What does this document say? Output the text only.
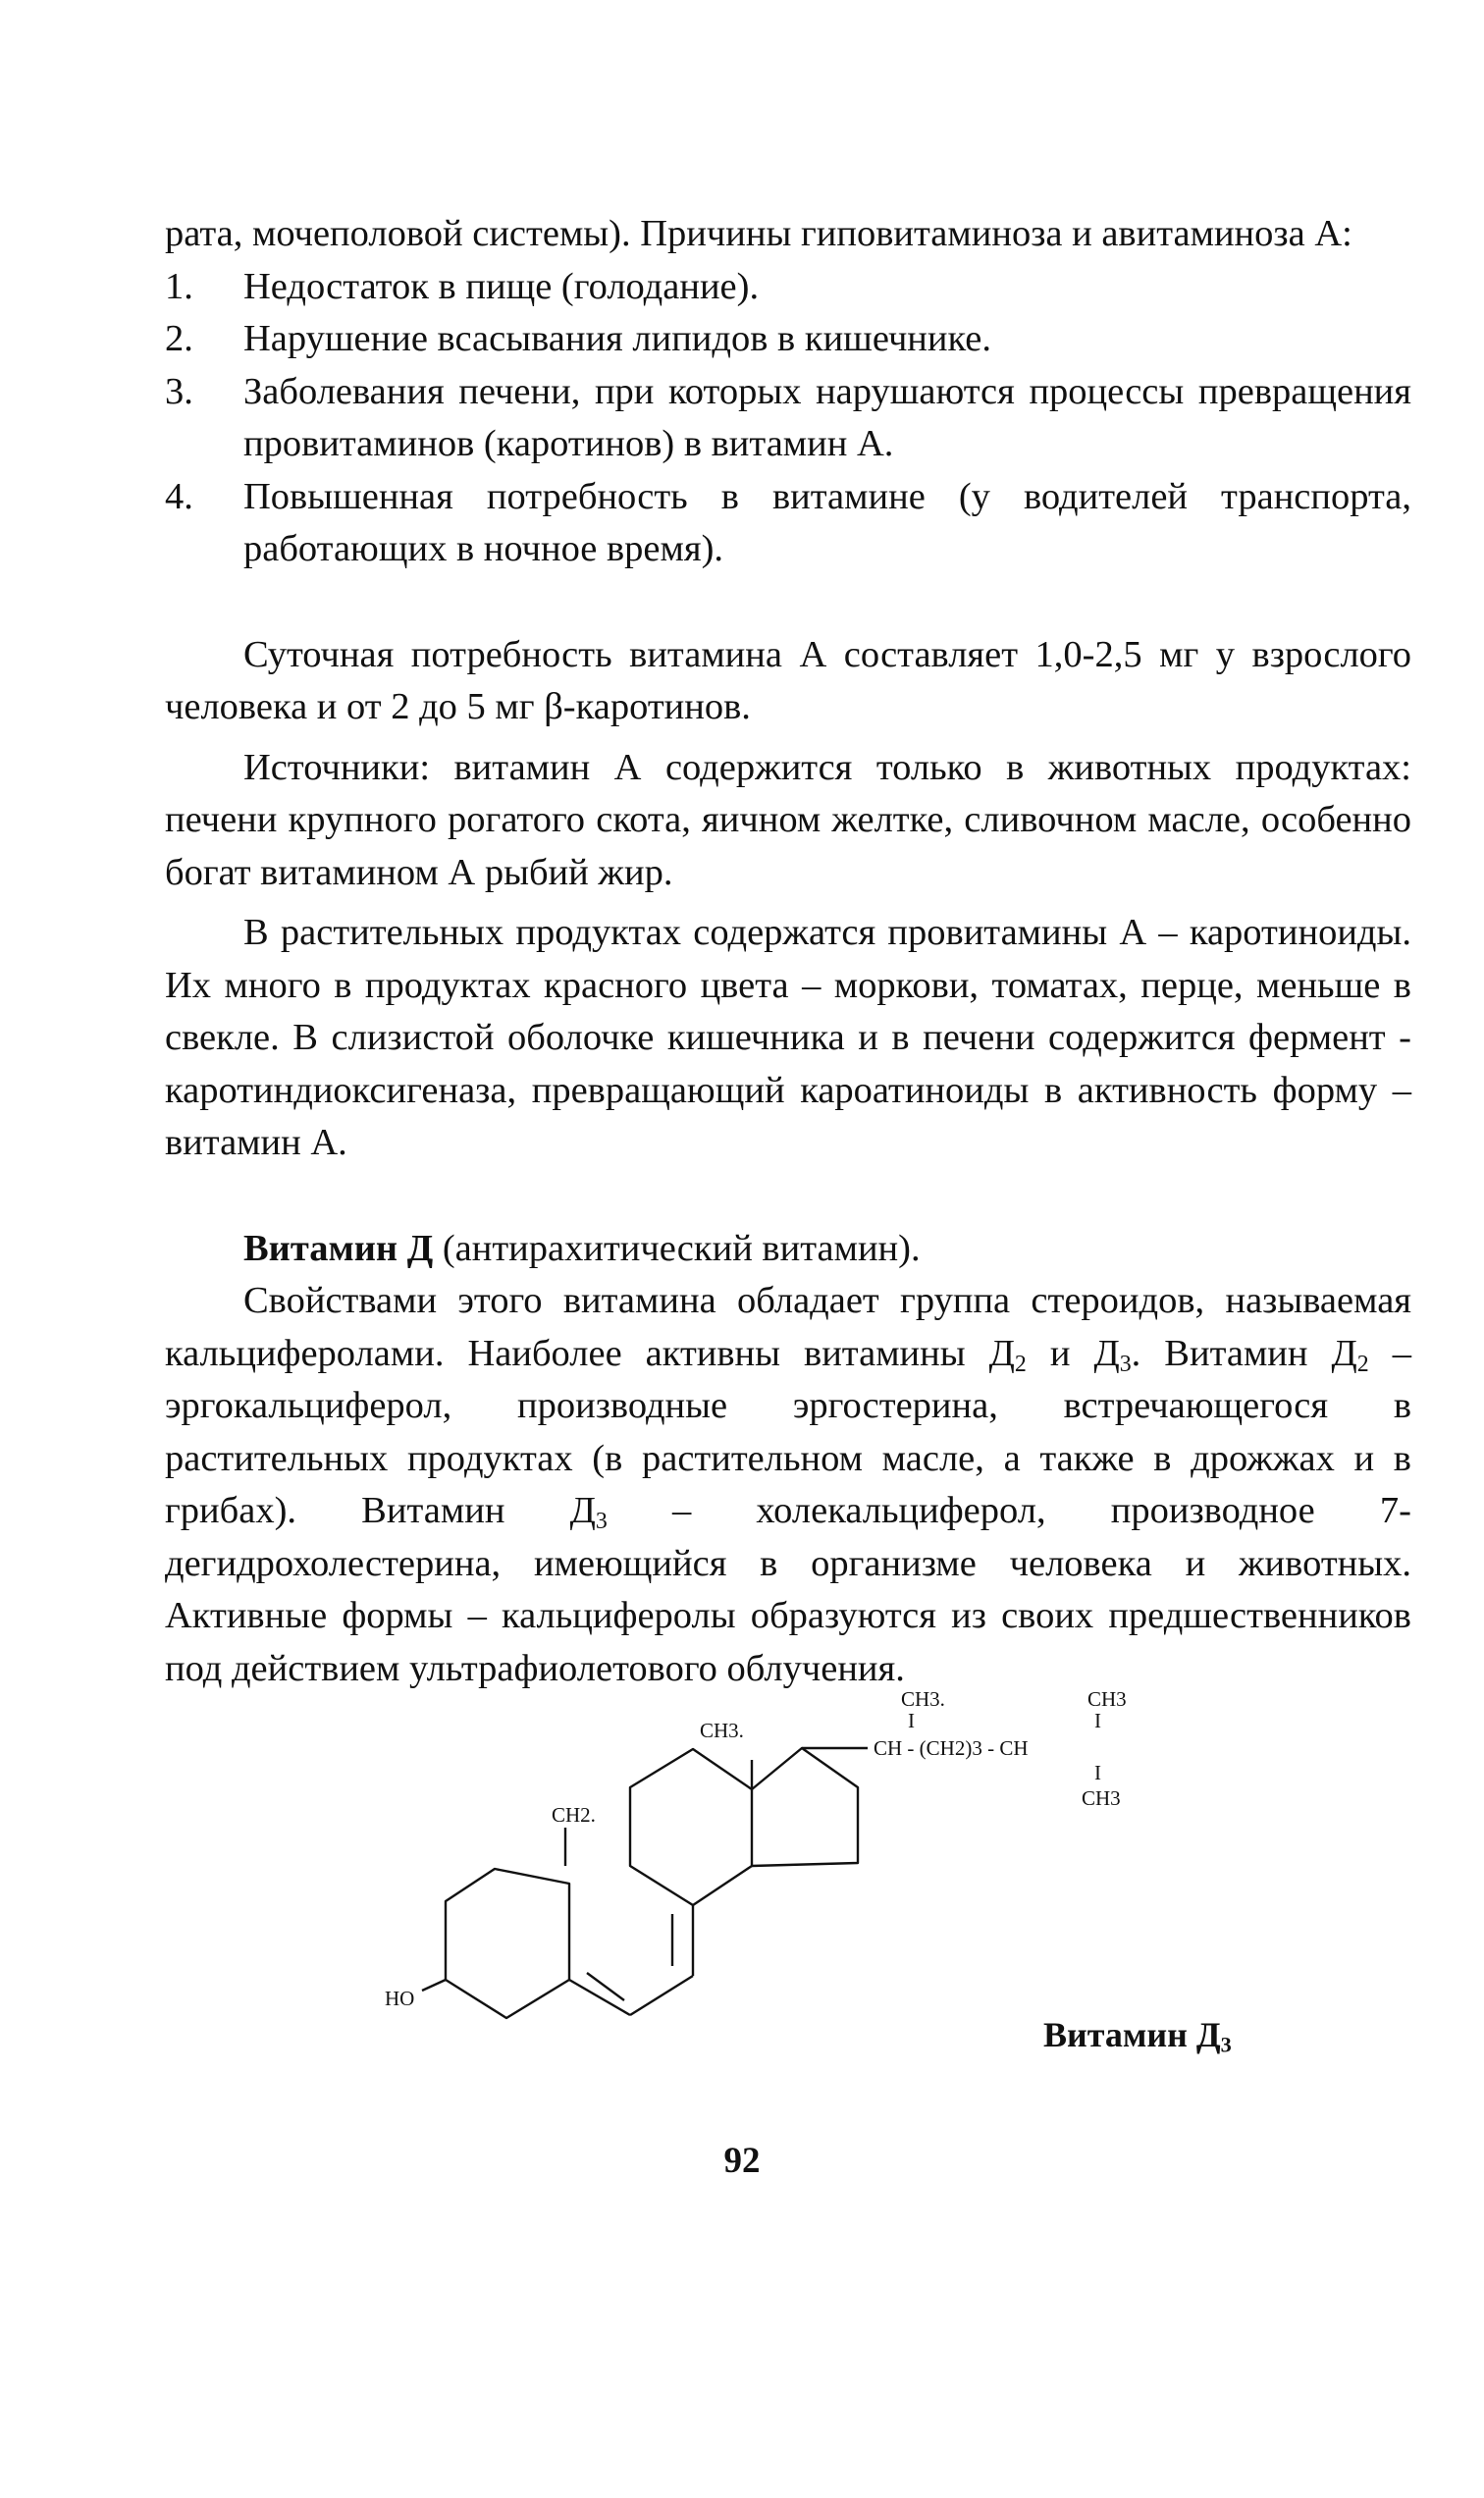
рата, мочеполовой системы). Причины гиповитаминоза и авитаминоза А:

1. Недостаток в пище (голодание).
2. Нарушение всасывания липидов в кишечнике.
3. Заболевания печени, при которых нарушаются процессы превращения провитаминов (каротинов) в витамин А.
4. Повышенная потребность в витамине (у водителей транспорта, работающих в ночное время).

Суточная потребность витамина А составляет 1,0-2,5 мг у взрослого человека и от 2 до 5 мг β-каротинов.

Источники: витамин А содержится только в животных продуктах: печени крупного рогатого скота, яичном желтке, сливочном масле, особенно богат витамином А рыбий жир.

В растительных продуктах содержатся провитамины А – каротиноиды. Их много в продуктах красного цвета – моркови, томатах, перце, меньше в свекле. В слизистой оболочке кишечника и в печени содержится фермент - каротиндиоксигеназа, превращающий кароатиноиды в активность форму – витамин А.

Витамин Д (антирахитический витамин).

Свойствами этого витамина обладает группа стероидов, называемая кальциферолами. Наиболее активны витамины $Д_2$ и $Д_3$. Витамин $Д_2$ – эргокальциферол, производные эргостерина, встречающегося в растительных продуктах (в растительном масле, а также в дрожжах и в грибах). Витамин $Д_3$ – холекальциферол, производное 7-дегидрохолестерина, имеющийся в организме человека и животных. Активные формы – кальциферолы образуются из своих предшественников под действием ультрафиолетового облучения.

CH3.
CH3.	CH3
I	I
CH - (CH2)3 - CH
I
CH3
CH2.
HO
Витамин $Д_3$
92
